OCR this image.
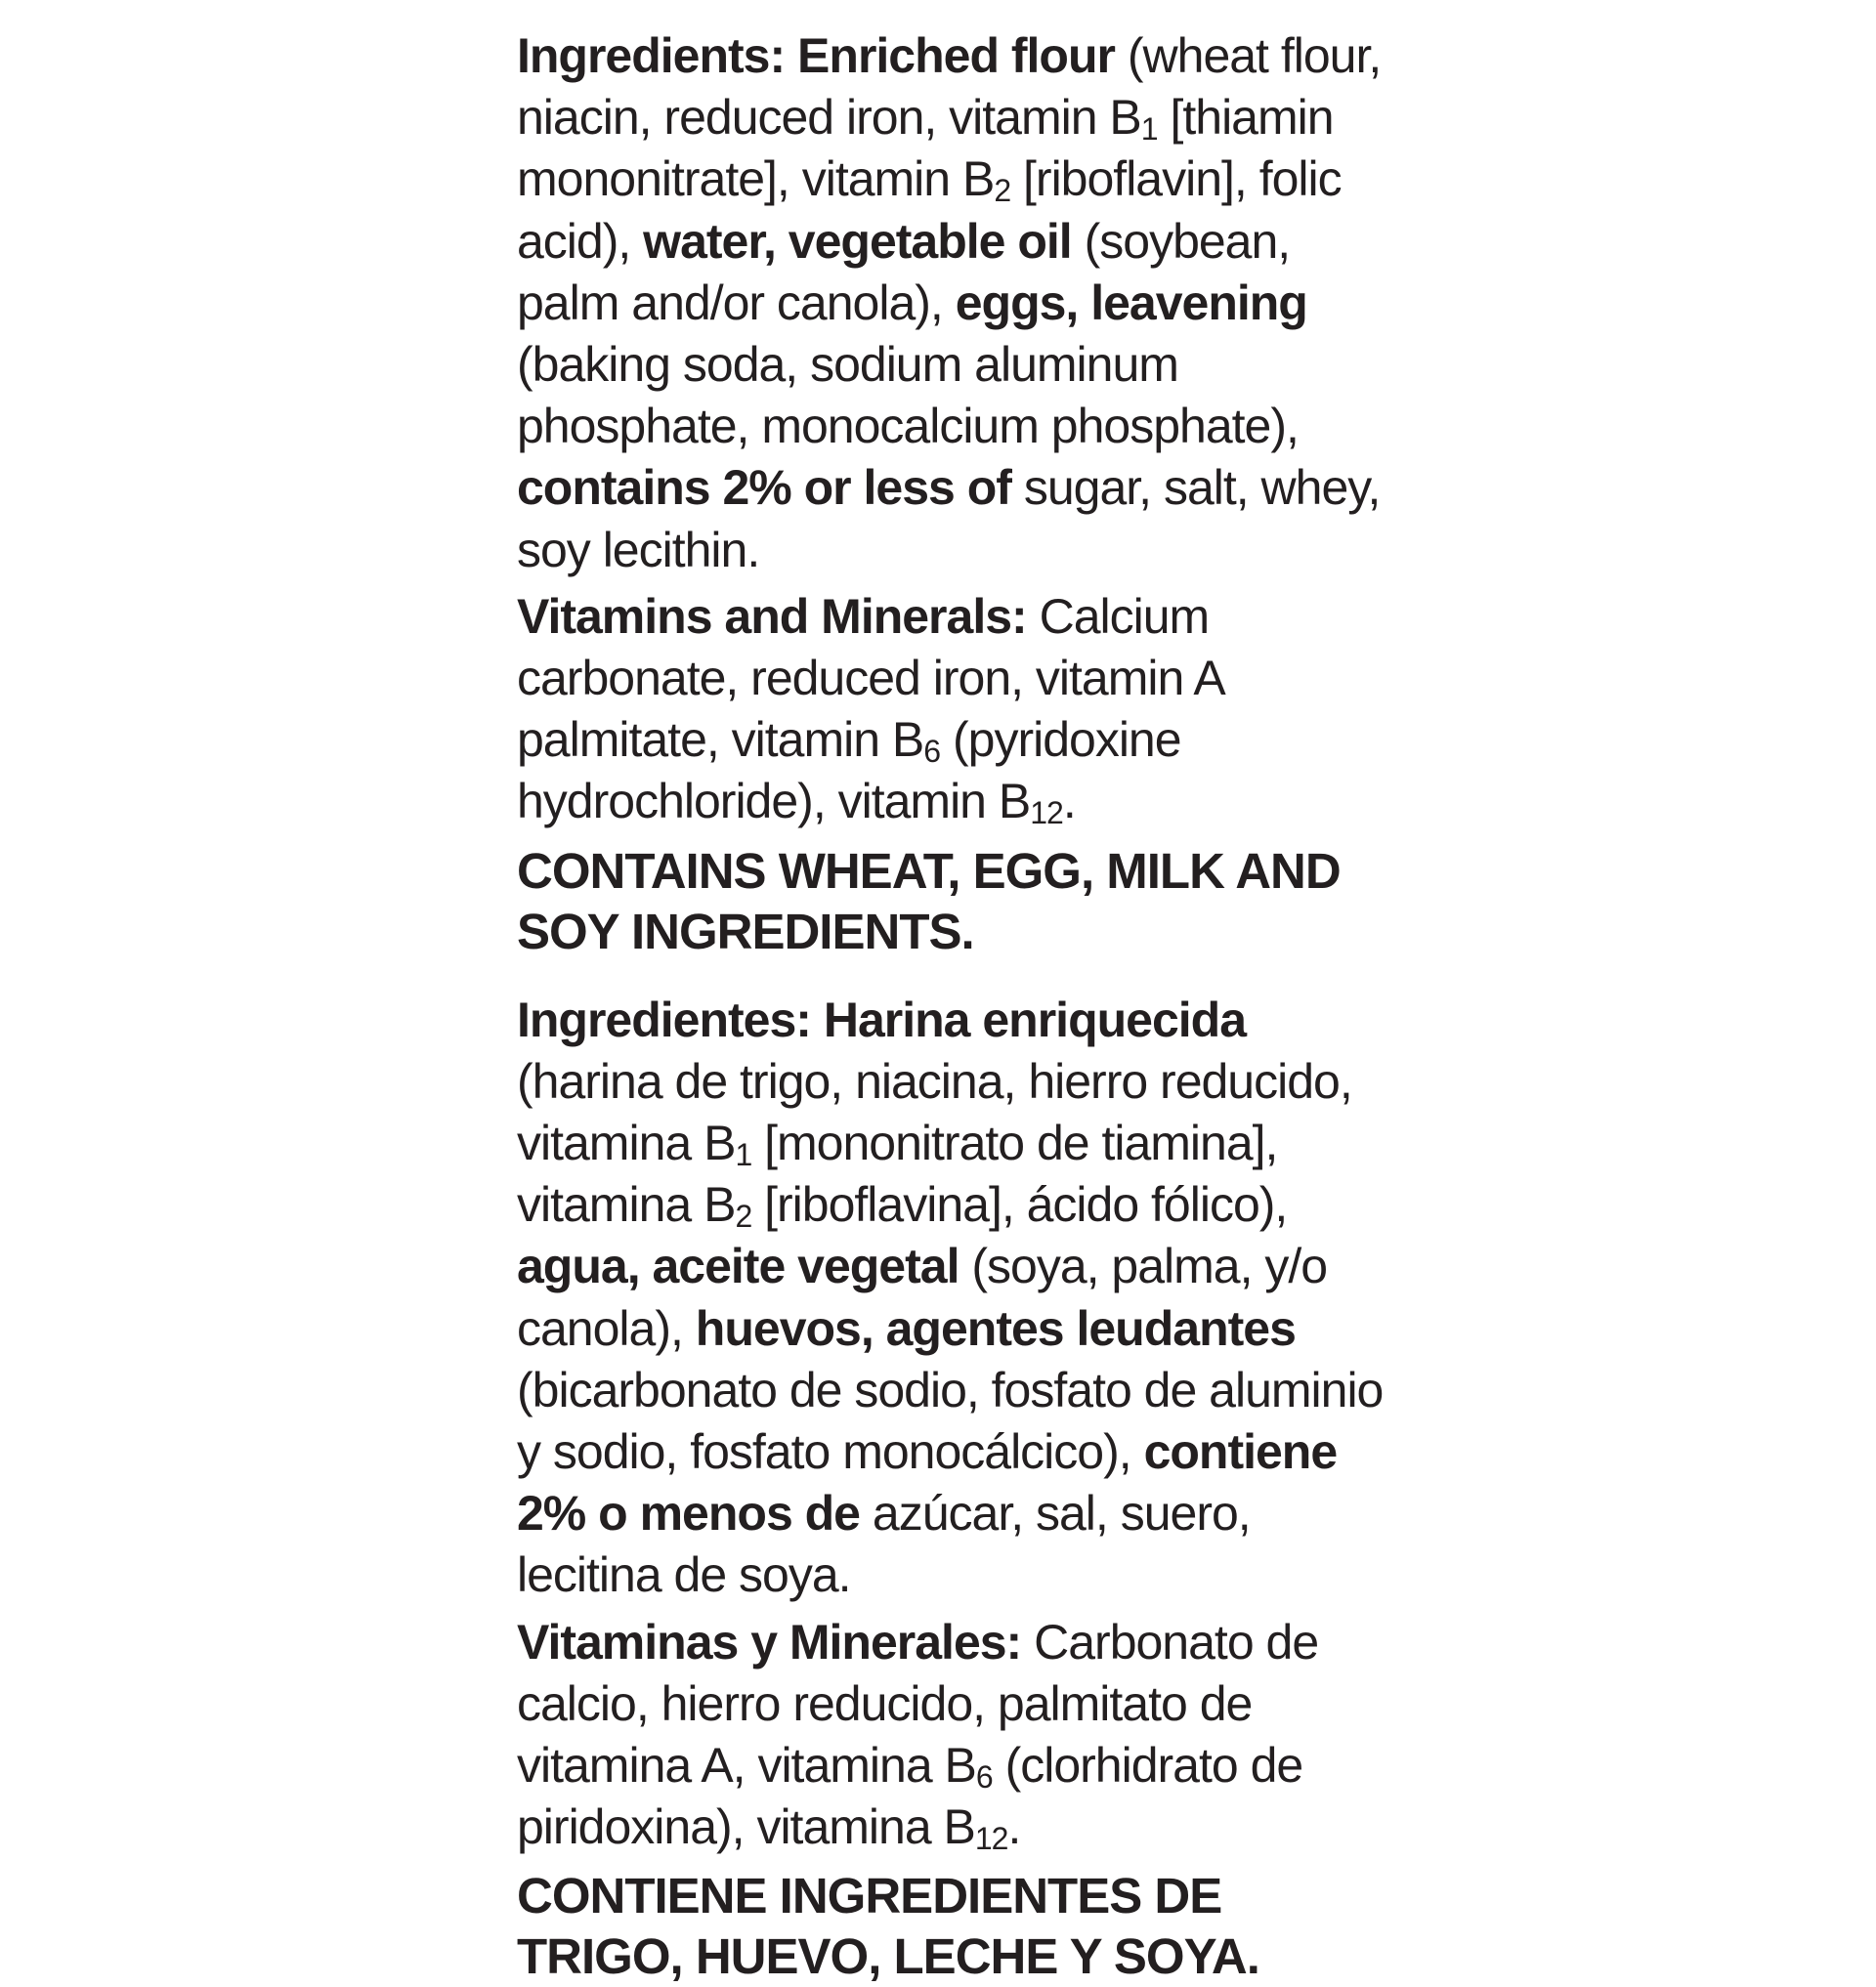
Ingredients: Enriched flour (wheat flour, niacin, reduced iron, vitamin $B_1$ [thiamin mononitrate], vitamin $B_2$ [riboflavin], folic acid), water, vegetable oil (soybean, palm and/or canola), eggs, leavening (baking soda, sodium aluminum phosphate, monocalcium phosphate), contains 2% or less of sugar, salt, whey, soy lecithin.

Vitamins and Minerals: Calcium carbonate, reduced iron, vitamin A palmitate, vitamin $B_6$ (pyridoxine hydrochloride), vitamin $B_{12}$.

CONTAINS WHEAT, EGG, MILK AND SOY INGREDIENTS.

Ingredientes: Harina enriquecida (harina de trigo, niacina, hierro reducido, vitamina $B_1$ [mononitrato de tiamina], vitamina $B_2$ [riboflavina], ácido fólico), agua, aceite vegetal (soya, palma, y/o canola), huevos, agentes leudantes (bicarbonato de sodio, fosfato de aluminio y sodio, fosfato monocálcico), contiene 2% o menos de azúcar, sal, suero, lecitina de soya.

Vitaminas y Minerales: Carbonato de calcio, hierro reducido, palmitato de vitamina A, vitamina $B_6$ (clorhidrato de piridoxina), vitamina $B_{12}$.

CONTIENE INGREDIENTES DE TRIGO, HUEVO, LECHE Y SOYA.
